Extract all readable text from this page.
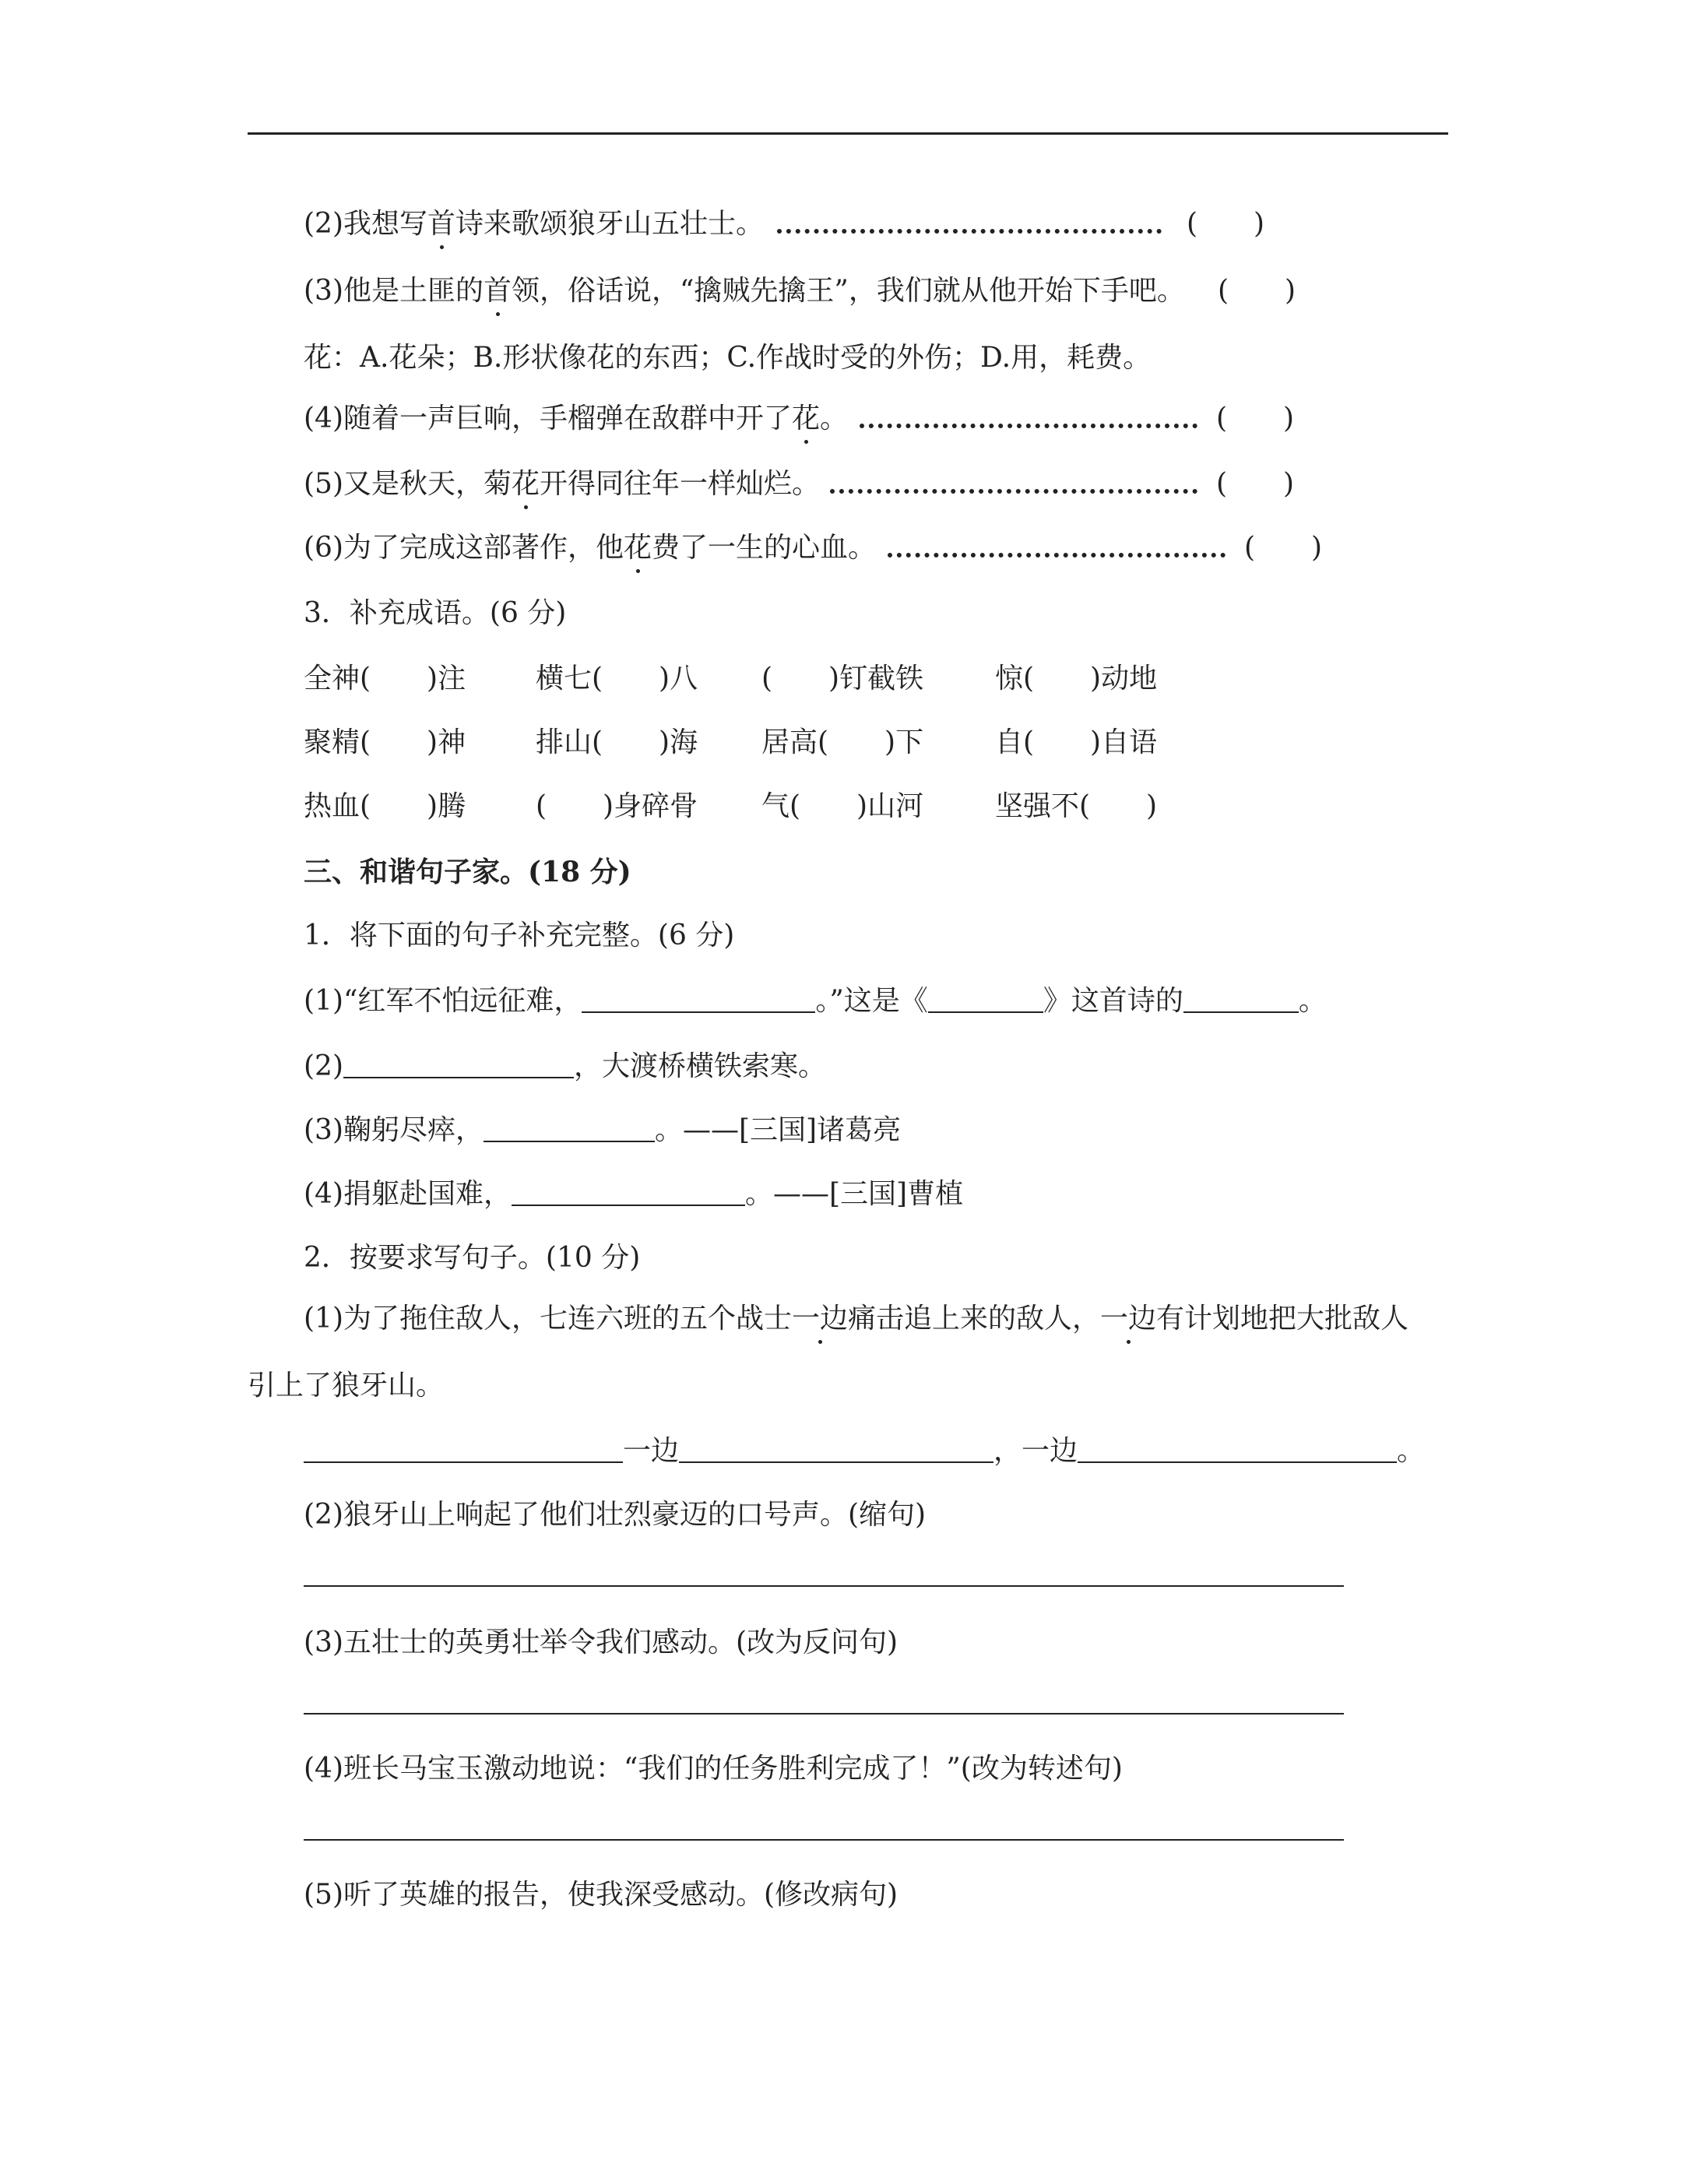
(2)我想写首诗来歌颂狼牙山五壮士。	( )
(3)他是土匪的首领，俗话说，“擒贼先擒王”，我们就从他开始下手吧。 ( )
花：A.花朵；B.形状像花的东西；C.作战时受的外伤；D.用，耗费。
(4)随着一声巨响，手榴弹在敌群中开了花。	( )
(5)又是秋天，菊花开得同往年一样灿烂。	( )
(6)为了完成这部著作，他花费了一生的心血。	( )
3．补充成语。(6 分)
全神(　　)注 横七(　　)八 (　　)钉截铁	惊(　　)动地
聚精(　　)神 排山(　　)海 居高(　　)下	自(　　)自语
热血(　　)腾 (　　)身碎骨 气(　　)山河	坚强不(　　)
三、和谐句子家。(18 分)
1．将下面的句子补充完整。(6 分)
(1)“红军不怕远征难，	。”这是《	》这首诗的	。
(2)	，大渡桥横铁索寒。
(3)鞠躬尽瘁，	。——[三国]诸葛亮
(4)捐躯赴国难，	。——[三国]曹植
2．按要求写句子。(10 分)
(1)为了拖住敌人，七连六班的五个战士一边痛击追上来的敌人，一边有计划地把大批敌人
引上了狼牙山。
一边	，一边	。
(2)狼牙山上响起了他们壮烈豪迈的口号声。(缩句)
(3)五壮士的英勇壮举令我们感动。(改为反问句)
(4)班长马宝玉激动地说：“我们的任务胜利完成了！”(改为转述句)
(5)听了英雄的报告，使我深受感动。(修改病句)
